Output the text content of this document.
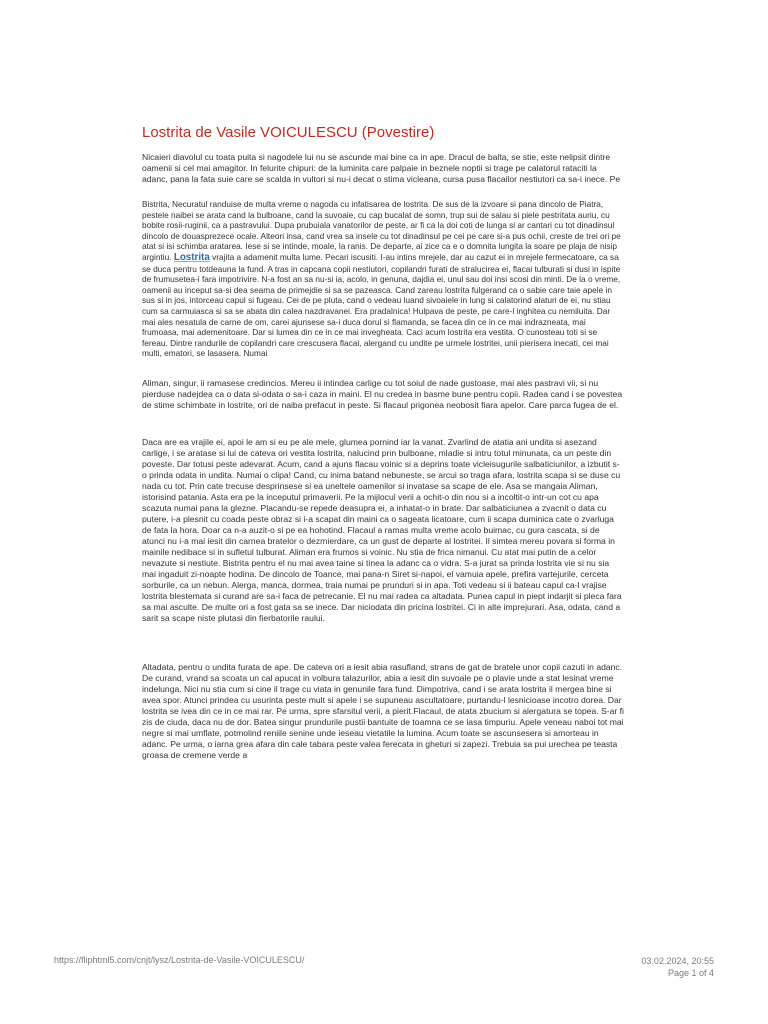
Lostrita de Vasile VOICULESCU (Povestire)

Nicaieri diavolul cu toata puita si nagodele lui nu se ascunde mai bine ca in ape. Dracul de balta, se stie, este nelipsit dintre oamenii si cel mai amagitor. In felurite chipuri: de la luminita care palpaie in beznele noptii si trage pe calatorul rataciti la adanc, pana la fata suie care se scalda in vultori si nu-i decat o stima vicleana, cursa pusa flacailor nestiutori ca sa-i inece. Pe

Bistrita, Necuratul randuise de multa vreme o nagoda cu infatisarea de lostrita. De sus de la izvoare si pana dincolo de Piatra, pestele naibei se arata cand la bulboane, cand la suvoaie, cu cap bucalat de somn, trup sui de salau si piele pestritata auriu, cu bobite rosii-ruginii, ca a pastravului. Dupa prubuiala vanatorilor de peste, ar fi ca la doi coti de lunga si ar cantari cu tot dinadinsul dincolo de douasprezece ocale. Alteori insa, cand vrea sa insele cu tot dinadinsul pe cei pe care si-a pus ochii, creste de trei ori pe atat si isi schimba aratarea. Iese si se intinde, moale, la ranis. De departe, ai zice ca e o domnita lungita la soare pe plaja de nisip argintiu. Lostrita vrajita a adamenit multa lume. Pecari iscusiti. I-au intins mrejele, dar au cazut ei in mrejele fermecatoare, ca sa se duca pentru totdeauna la fund. A tras in capcana copii nestiutori, copilandri furati de stralucirea ei, flacai tulburati si dusi in ispite de frumusetea-i fara impotrivire. N-a fost an sa nu-si ia, acolo, in genuna, dajdia ei, unul sau doi insi scosi din minti. De la o vreme, oamenii au inceput sa-si dea seama de primejdie si sa se pazeasca. Cand zareau lostrita fulgerand ca o sabie care taie apele in sus si in jos, intorceau capul si fugeau. Cei de pe pluta, cand o vedeau luand sivoaiele in lung si calatorind alaturi de ei, nu stiau cum sa carmuiasca si sa se abata din calea nazdravanei. Era pradalnica! Hulpava de peste, pe care-l inghitea cu nemiluita. Dar mai ales nesatula de carne de om, carei ajunsese sa-i duca dorul si flamanda, se facea din ce in ce mai indrazneata, mai frumoasa, mai ademenitoare. Dar si lumea din ce in ce mai invegheata. Caci acum lostrita era vestita. O cunosteau toti si se fereau. Dintre randurile de copilandri care crescusera flacai, alergand cu undite pe urmele lostritei, unii pierisera inecati, cei mai multi, ematori, se lasasera. Numai

Aliman, singur, ii ramasese credincios. Mereu ii intindea carlige cu tot soiul de nade gustoase, mai ales pastravi vii, si nu pierduse nadejdea ca o data si-odata o sa-i caza in maini. El nu credea in basme bune pentru copii. Radea cand i se povestea de stime schimbate in lostrite, ori de naiba prefacut in peste. Si flacaul prigonea neobosit fiara apelor. Care parca fugea de el.

Daca are ea vrajile ei, apoi le am si eu pe ale mele, glumea pornind iar la vanat. Zvarlind de atatia ani undita si asezand carlige, i se aratase si lui de cateva ori vestita lostrita, nalucind prin bulboane, mladie si intru totul minunata, ca un peste din poveste. Dar totusi peste adevarat. Acum, cand a ajuns flacau voinic si a deprins toate vicleisugurile salbaticiunilor, a izbutit s-o prinda odata in undita. Numai o clipa! Cand, cu inima batand nebuneste, se arcui so traga afara, lostrita scapa si se duse cu nada cu tot. Prin cate trecuse desprinsese si ea uneltele oamenilor si invatase sa scape de ele. Asa se mangaia Aliman, istorisind patania. Asta era pe la inceputul primaverii. Pe la mijlocul verii a ochit-o din nou si a incoltit-o intr-un cot cu apa scazuta numai pana la glezne. Placandu-se repede deasupra ei, a inhatat-o in brate. Dar salbaticiunea a zvacnit o data cu putere, i-a plesnit cu coada peste obraz si i-a scapat din maini ca o sageata licatoare, cum ii scapa duminica cate o zvarluga de fata la hora. Doar ca n-a auzit-o si pe ea hohotind. Flacaul a ramas multa vreme acolo buimac, cu gura cascata, si de atunci nu i-a mai iesit din carnea bratelor o dezmierdare, ca un gust de departe al lostritei. Il simtea mereu povara si forma in mainile nedibace si in sufletul tulburat. Aliman era frumos si voinic. Nu stia de frica nimanui. Cu atat mai putin de a celor nevazute si nestiute. Bistrita pentru el nu mai avea taine si tinea la adanc ca o vidra. S-a jurat sa prinda lostrita vie si nu sia mai ingaduit zi-noapte hodina. De dincolo de Toance, mai pana-n Siret si-napoi, el vamuia apele, prefira vartejurile, cerceta sorburile, ca un nebun. Alerga, manca, dormea, traia numai pe prunduri si in apa. Toti vedeau si ii bateau capul ca-l vrajise lostrita blestemata si curand are sa-i faca de petrecanie. El nu mai radea ca altadata. Punea capul in piept indarjit si pleca fara sa mai asculte. De multe ori a fost gata sa se inece. Dar niciodata din pricina lostritei. Ci in alte imprejurari. Asa, odata, cand a sarit sa scape niste plutasi din fierbatorile raului.

Altadata, pentru o undita furata de ape. De cateva ori a iesit abia rasufland, strans de gat de bratele unor copii cazuti in adanc. De curand, vrand sa scoata un cal apucat in volbura talazurilor, abia a iesit din suvoale pe o plavie unde a stat lesinat vreme indelunga. Nici nu stia cum si cine il trage cu viata in genunile fara fund. Dimpotriva, cand i se arata lostrita il mergea bine si avea spor. Atunci prindea cu usurinta peste mult si apele i se supuneau ascultatoare, purtandu-l lesnicioase incotro dorea. Dar lostrita se ivea din ce in ce mai rar. Pe urma, spre sfarsitul verii, a pierit.Flacaul, de atata zbucium si alergatura se topea. S-ar fi zis de ciuda, daca nu de dor. Batea singur prundurile pustii bantuite de toamna ce se lasa timpuriu. Apele veneau naboi tot mai negre si mai umflate, potmolind reniile senine unde ieseau vietatile la lumina. Acum toate se ascunsesera si amorteau in adanc. Pe urma, o iarna grea afara din cale tabara peste valea ferecata in gheturi si zapezi. Trebuia sa pui urechea pe teasta groasa de cremene verde a

https://fliphtml5.com/cnjt/lysz/Lostrita-de-Vasile-VOICULESCU/	03.02.2024, 20:55
Page 1 of 4
